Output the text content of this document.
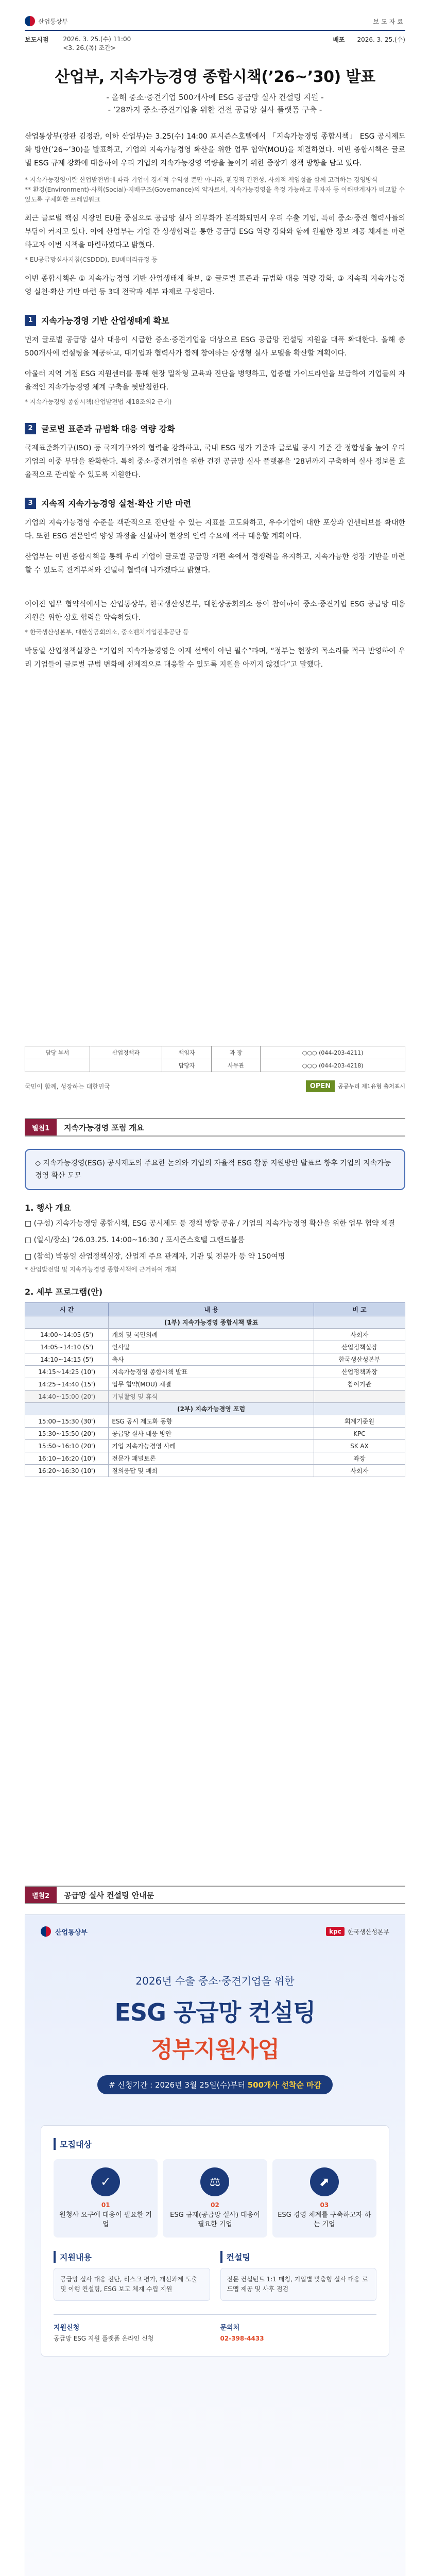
산업통상부	보도자료
보도시점 2026. 3. 25.(수) 11:00
<3. 26.(목) 조간>
배포 2026. 3. 25.(수)
산업부, 지속가능경영 종합시책(’26~’30) 발표
- 올해 중소·중견기업 500개사에 ESG 공급망 실사 컨설팅 지원 -
- ’28까지 중소·중견기업을 위한 건전 공급망 실사 플랫폼 구축 -

산업통상부(장관 김정관, 이하 산업부)는 3.25(수) 14:00 포시즌스호텔에서 「지속가능경영 종합시책」 ESG 공시제도화 방안(’26~’30)을 발표하고, 기업의 지속가능경영 확산을 위한 업무 협약(MOU)을 체결하였다. 이번 종합시책은 글로벌 ESG 규제 강화에 대응하여 우리 기업의 지속가능경영 역량을 높이기 위한 중장기 정책 방향을 담고 있다.

* 지속가능경영이란 산업발전법에 따라 기업이 경제적 수익성 뿐만 아니라, 환경적 건전성, 사회적 책임성을 함께 고려하는 경영방식
** 환경(Environment)·사회(Social)·지배구조(Governance)의 약자로서, 지속가능경영을 측정 가능하고 투자자 등 이해관계자가 비교할 수 있도록 구체화한 프레임워크

최근 글로벌 핵심 시장인 EU를 중심으로 공급망 실사 의무화가 본격화되면서 우리 수출 기업, 특히 중소·중견 협력사들의 부담이 커지고 있다. 이에 산업부는 기업 간 상생협력을 통한 공급망 ESG 역량 강화와 함께 원활한 정보 제공 체계를 마련하고자 이번 시책을 마련하였다고 밝혔다.

* EU공급망실사지침(CSDDD), EU배터리규정 등

이번 종합시책은 ① 지속가능경영 기반 산업생태계 확보, ② 글로벌 표준과 규범화 대응 역량 강화, ③ 지속적 지속가능경영 실천·확산 기반 마련 등 3대 전략과 세부 과제로 구성된다.

1	지속가능경영 기반 산업생태계 확보

먼저 글로벌 공급망 실사 대응이 시급한 중소·중견기업을 대상으로 ESG 공급망 컨설팅 지원을 대폭 확대한다. 올해 총 500개사에 컨설팅을 제공하고, 대기업과 협력사가 함께 참여하는 상생형 실사 모델을 확산할 계획이다.

아울러 지역 거점 ESG 지원센터를 통해 현장 밀착형 교육과 진단을 병행하고, 업종별 가이드라인을 보급하여 기업들의 자율적인 지속가능경영 체계 구축을 뒷받침한다.

* 지속가능경영 종합시책(산업발전법 제18조의2 근거)
2	글로벌 표준과 규범화 대응 역량 강화

국제표준화기구(ISO) 등 국제기구와의 협력을 강화하고, 국내 ESG 평가 기준과 글로벌 공시 기준 간 정합성을 높여 우리 기업의 이중 부담을 완화한다. 특히 중소·중견기업을 위한 건전 공급망 실사 플랫폼을 ’28년까지 구축하여 실사 정보를 효율적으로 관리할 수 있도록 지원한다.

3	지속적 지속가능경영 실천·확산 기반 마련

기업의 지속가능경영 수준을 객관적으로 진단할 수 있는 지표를 고도화하고, 우수기업에 대한 포상과 인센티브를 확대한다. 또한 ESG 전문인력 양성 과정을 신설하여 현장의 인력 수요에 적극 대응할 계획이다.

산업부는 이번 종합시책을 통해 우리 기업이 글로벌 공급망 재편 속에서 경쟁력을 유지하고, 지속가능한 성장 기반을 마련할 수 있도록 관계부처와 긴밀히 협력해 나가겠다고 밝혔다.

이어진 업무 협약식에서는 산업통상부, 한국생산성본부, 대한상공회의소 등이 참여하여 중소·중견기업 ESG 공급망 대응 지원을 위한 상호 협력을 약속하였다.

* 한국생산성본부, 대한상공회의소, 중소벤처기업진흥공단 등

박동일 산업정책실장은 “기업의 지속가능경영은 이제 선택이 아닌 필수”라며, “정부는 현장의 목소리를 적극 반영하여 우리 기업들이 글로벌 규범 변화에 선제적으로 대응할 수 있도록 지원을 아끼지 않겠다”고 말했다.

담당 부서	산업정책과	책임자	과 장	○○○ (044-203-4211)
		담당자	사무관	○○○ (044-203-4218)
국민이 함께, 성장하는 대한민국	OPEN	공공누리 제1유형 출처표시
별첨1	지속가능경영 포럼 개요
◇ 지속가능경영(ESG) 공시제도의 주요한 논의와 기업의 자율적 ESG 활동 지원방안 발표로 향후 기업의 지속가능경영 확산 도모
1. 행사 개요
□ (구성) 지속가능경영 종합시책, ESG 공시제도 등 정책 방향 공유 / 기업의 지속가능경영 확산을 위한 업무 협약 체결
□ (일시/장소) ’26.03.25. 14:00~16:30 / 포시즌스호텔 그랜드볼룸
□ (참석) 박동일 산업정책실장, 산업계 주요 관계자, 기관 및 전문가 등 약 150여명
* 산업발전법 및 지속가능경영 종합시책에 근거하여 개최
2. 세부 프로그램(안)
시 간	내 용	비 고
	(1부) 지속가능경영 종합시책 발표	
14:00~14:05 (5')	개회 및 국민의례	사회자
14:05~14:10 (5')	인사말	산업정책실장
14:10~14:15 (5')	축사	한국생산성본부
14:15~14:25 (10')	지속가능경영 종합시책 발표	산업정책과장
14:25~14:40 (15')	업무 협약(MOU) 체결	참여기관
14:40~15:00 (20')	기념촬영 및 휴식	
	(2부) 지속가능경영 포럼	
15:00~15:30 (30')	ESG 공시 제도화 동향	회계기준원
15:30~15:50 (20')	공급망 실사 대응 방안	KPC
15:50~16:10 (20')	기업 지속가능경영 사례	SK AX
16:10~16:20 (10')	전문가 패널토론	좌장
16:20~16:30 (10')	질의응답 및 폐회	사회자
별첨2	공급망 실사 컨설팅 안내문
산업통상부	kpc	한국생산성본부
2026년 수출 중소·중견기업을 위한
ESG 공급망 컨설팅
정부지원사업
# 신청기간 : 2026년 3월 25일(수)부터 500개사 선착순 마감
모집대상
✓
01
원청사 요구에 대응이 필요한 기업
⚖
02
ESG 규제(공급망 실사) 대응이 필요한 기업
⬈
03
ESG 경영 체계를 구축하고자 하는 기업
지원내용
공급망 실사 대응 진단, 리스크 평가, 개선과제 도출 및 이행 컨설팅, ESG 보고 체계 수립 지원
컨설팅
전문 컨설턴트 1:1 매칭, 기업별 맞춤형 실사 대응 로드맵 제공 및 사후 점검
지원신청
공급망 ESG 지원 플랫폼 온라인 신청
문의처
02-398-4433
